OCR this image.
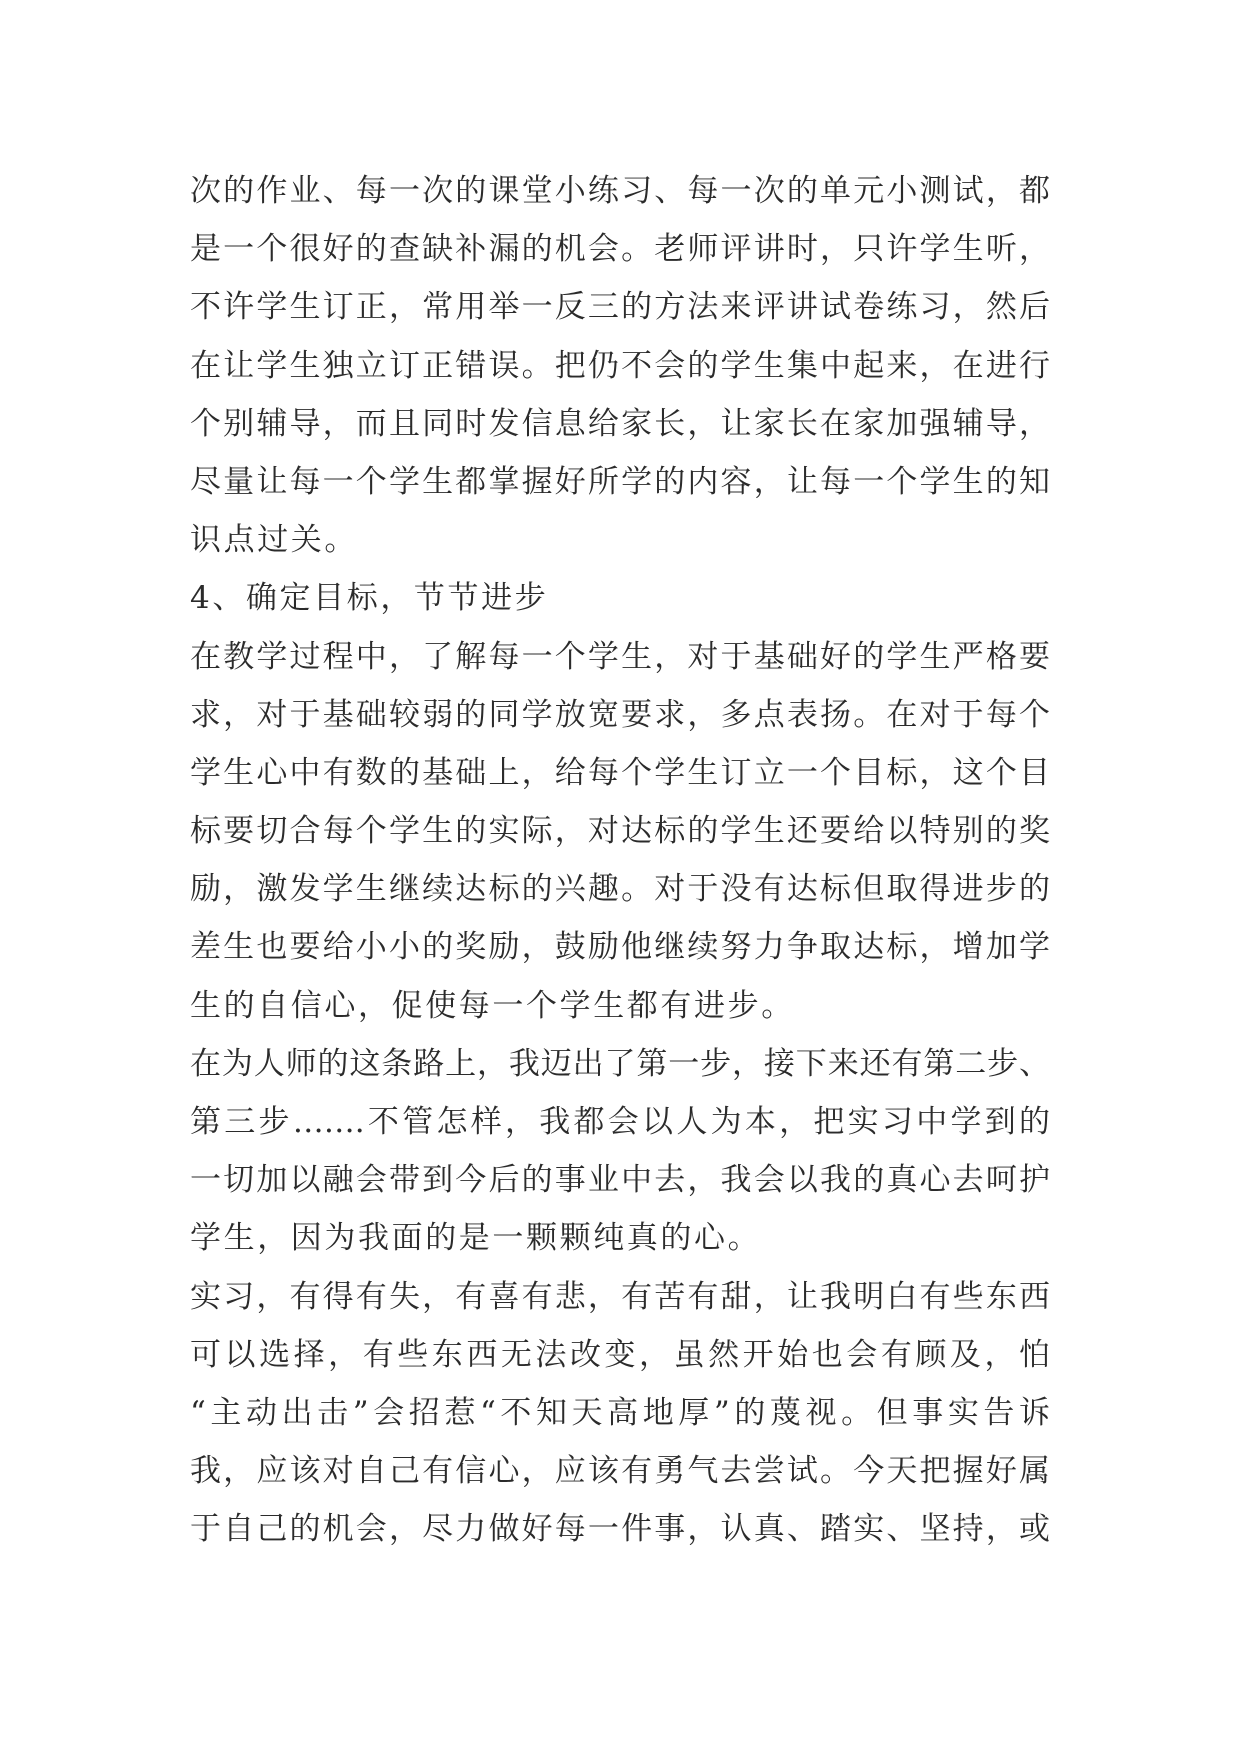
次的作业、每一次的课堂小练习、每一次的单元小测试，都
是一个很好的查缺补漏的机会。老师评讲时，只许学生听，
不许学生订正，常用举一反三的方法来评讲试卷练习，然后
在让学生独立订正错误。把仍不会的学生集中起来，在进行
个别辅导，而且同时发信息给家长，让家长在家加强辅导，
尽量让每一个学生都掌握好所学的内容，让每一个学生的知
识点过关。
4、确定目标，节节进步
在教学过程中，了解每一个学生，对于基础好的学生严格要
求，对于基础较弱的同学放宽要求，多点表扬。在对于每个
学生心中有数的基础上，给每个学生订立一个目标，这个目
标要切合每个学生的实际，对达标的学生还要给以特别的奖
励，激发学生继续达标的兴趣。对于没有达标但取得进步的
差生也要给小小的奖励，鼓励他继续努力争取达标，增加学
生的自信心，促使每一个学生都有进步。
在为人师的这条路上，我迈出了第一步，接下来还有第二步、
第三步…….不管怎样，我都会以人为本，把实习中学到的
一切加以融会带到今后的事业中去，我会以我的真心去呵护
学生，因为我面的是一颗颗纯真的心。
实习，有得有失，有喜有悲，有苦有甜，让我明白有些东西
可以选择，有些东西无法改变，虽然开始也会有顾及，怕
“主动出击”会招惹“不知天高地厚”的蔑视。但事实告诉
我，应该对自己有信心，应该有勇气去尝试。今天把握好属
于自己的机会，尽力做好每一件事，认真、踏实、坚持，或
